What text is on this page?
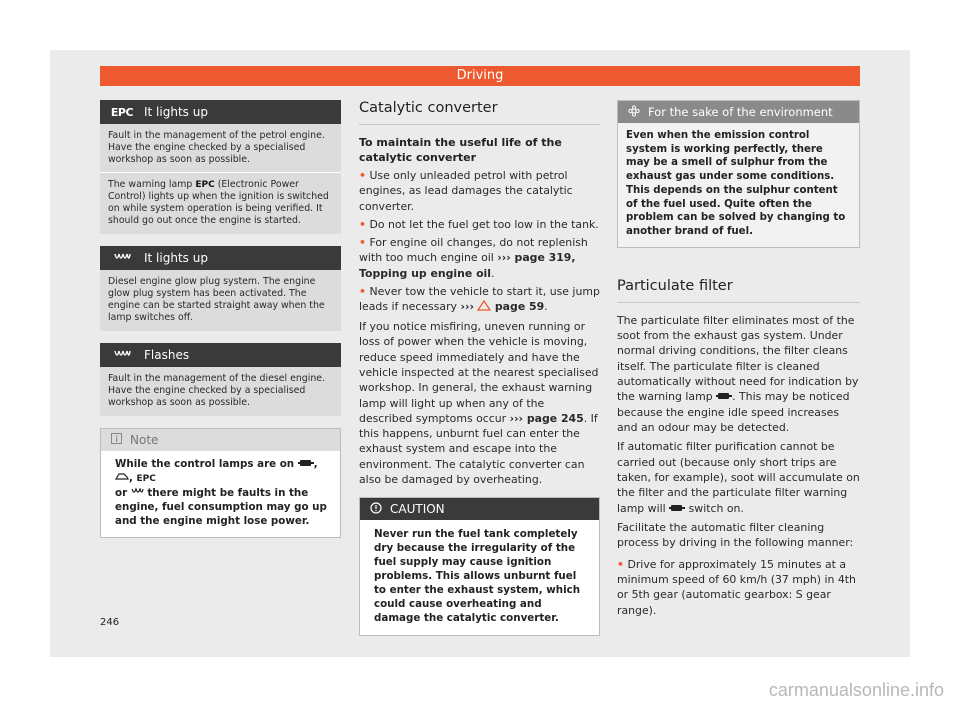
Driving
EPC It lights up

Fault in the management of the petrol engine. Have the engine checked by a specialised workshop as soon as possible.

The warning lamp EPC (Electronic Power Control) lights up when the ignition is switched on while system operation is being verified. It should go out once the engine is started.

It lights up

Diesel engine glow plug system. The engine glow plug system has been activated. The engine can be started straight away when the lamp switches off.

Flashes

Fault in the management of the diesel engine. Have the engine checked by a specialised workshop as soon as possible.

Note
While the control lamps are on , , EPC
or there might be faults in the engine, fuel consumption may go up and the engine might lose power.
Catalytic converter
To maintain the useful life of the catalytic converter
• Use only unleaded petrol with petrol engines, as lead damages the catalytic converter.
• Do not let the fuel get too low in the tank.
• For engine oil changes, do not replenish with too much engine oil ››› page 319, Topping up engine oil.
• Never tow the vehicle to start it, use jump leads if necessary ››› page 59.
If you notice misfiring, uneven running or loss of power when the vehicle is moving, reduce speed immediately and have the vehicle inspected at the nearest specialised workshop. In general, the exhaust warning lamp will light up when any of the described symptoms occur ››› page 245. If this happens, unburnt fuel can enter the exhaust system and escape into the environment. The catalytic converter can also be damaged by overheating.
CAUTION
Never run the fuel tank completely dry because the irregularity of the fuel supply may cause ignition problems. This allows unburnt fuel to enter the exhaust system, which could cause overheating and damage the catalytic converter.
For the sake of the environment
Even when the emission control system is working perfectly, there may be a smell of sulphur from the exhaust gas under some conditions. This depends on the sulphur content of the fuel used. Quite often the problem can be solved by changing to another brand of fuel.
Particulate filter
The particulate filter eliminates most of the soot from the exhaust gas system. Under normal driving conditions, the filter cleans itself. The particulate filter is cleaned automatically without need for indication by the warning lamp . This may be noticed because the engine idle speed increases and an odour may be detected.
If automatic filter purification cannot be carried out (because only short trips are taken, for example), soot will accumulate on the filter and the particulate filter warning lamp will switch on.
Facilitate the automatic filter cleaning process by driving in the following manner:
• Drive for approximately 15 minutes at a minimum speed of 60 km/h (37 mph) in 4th or 5th gear (automatic gearbox: S gear range).
246
carmanualsonline.info
